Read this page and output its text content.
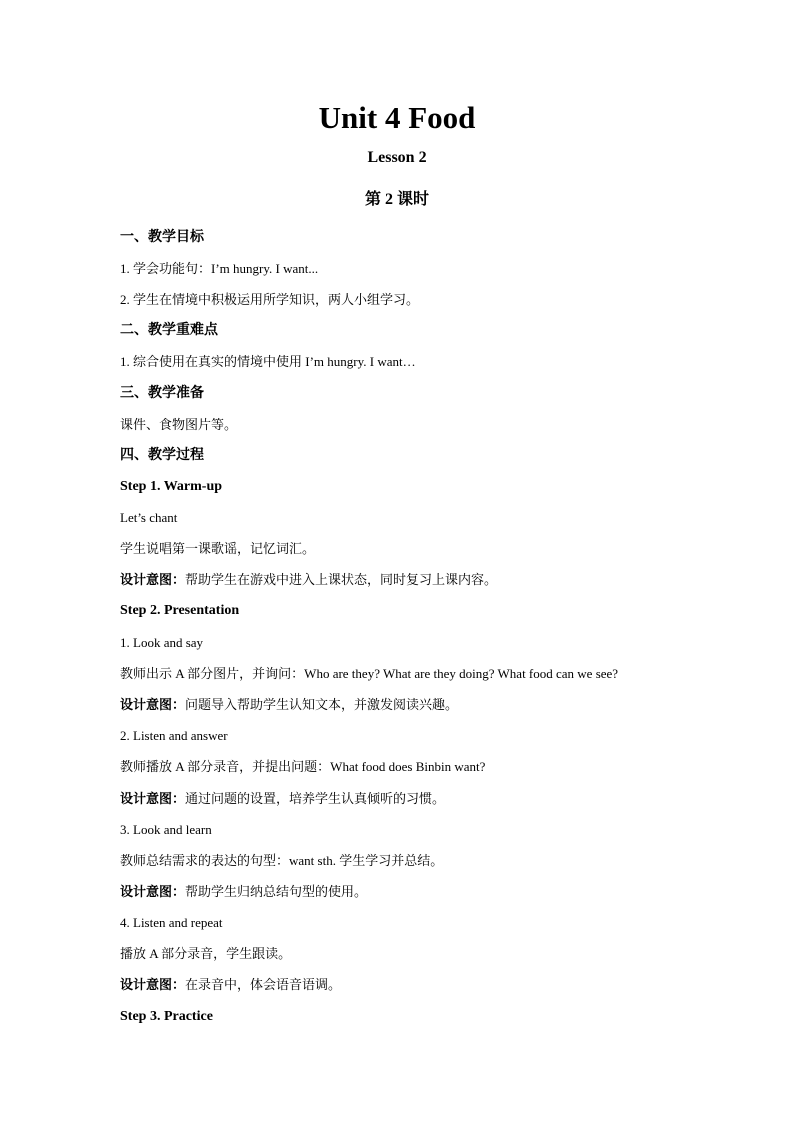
Unit 4 Food
Lesson 2
第 2 课时

一、教学目标

1. 学会功能句：I’m hungry. I want...

2. 学生在情境中积极运用所学知识，两人小组学习。

二、教学重难点

1. 综合使用在真实的情境中使用 I’m hungry. I want…

三、教学准备

课件、食物图片等。

四、教学过程

Step 1. Warm-up

Let’s chant

学生说唱第一课歌谣，记忆词汇。

设计意图：帮助学生在游戏中进入上课状态，同时复习上课内容。

Step 2. Presentation

1. Look and say

教师出示 A 部分图片，并询问：Who are they? What are they doing? What food can we see?

设计意图：问题导入帮助学生认知文本，并激发阅读兴趣。

2. Listen and answer

教师播放 A 部分录音，并提出问题：What food does Binbin want?

设计意图：通过问题的设置，培养学生认真倾听的习惯。

3. Look and learn

教师总结需求的表达的句型：want sth. 学生学习并总结。

设计意图：帮助学生归纳总结句型的使用。

4. Listen and repeat

播放 A 部分录音，学生跟读。

设计意图：在录音中，体会语音语调。

Step 3. Practice
